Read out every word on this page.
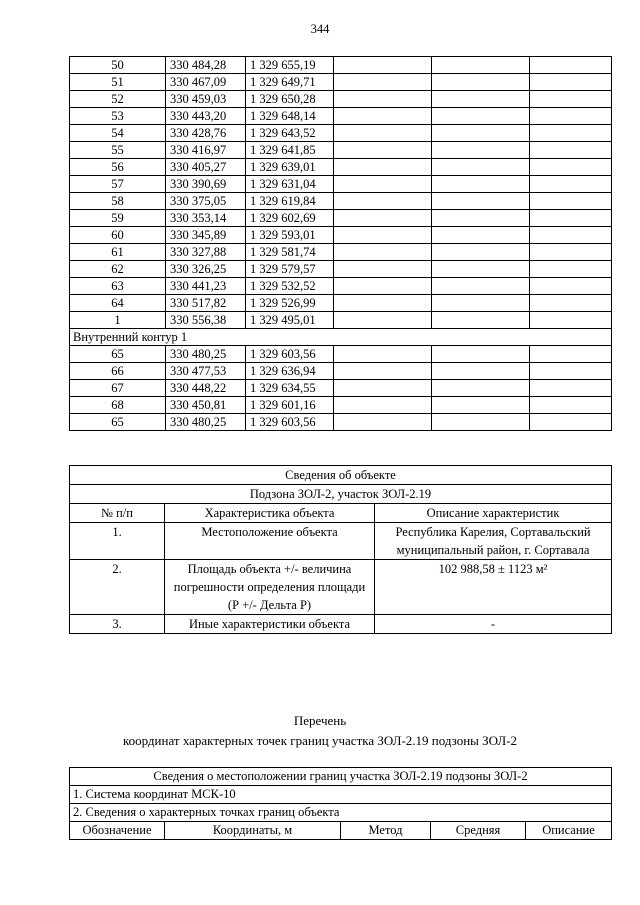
344
50	330 484,28	1 329 655,19			
51	330 467,09	1 329 649,71			
52	330 459,03	1 329 650,28			
53	330 443,20	1 329 648,14			
54	330 428,76	1 329 643,52			
55	330 416,97	1 329 641,85			
56	330 405,27	1 329 639,01			
57	330 390,69	1 329 631,04			
58	330 375,05	1 329 619,84			
59	330 353,14	1 329 602,69			
60	330 345,89	1 329 593,01			
61	330 327,88	1 329 581,74			
62	330 326,25	1 329 579,57			
63	330 441,23	1 329 532,52			
64	330 517,82	1 329 526,99			
1	330 556,38	1 329 495,01			
Внутренний контур 1					
65	330 480,25	1 329 603,56			
66	330 477,53	1 329 636,94			
67	330 448,22	1 329 634,55			
68	330 450,81	1 329 601,16			
65	330 480,25	1 329 603,56			
Сведения об объекте		
Подзона ЗОЛ-2, участок ЗОЛ-2.19		
№ п/п	Характеристика объекта	Описание характеристик
1.	Местоположение объекта	Республика Карелия, Сортавальский муниципальный район, г. Сортавала
2.	Площадь объекта +/- величина погрешности определения площади (Р +/- Дельта Р)	102 988,58 ± 1123 м²
3.	Иные характеристики объекта	-
Перечень
координат характерных точек границ участка ЗОЛ-2.19 подзоны ЗОЛ-2
Сведения о местоположении границ участка ЗОЛ-2.19 подзоны ЗОЛ-2
1. Система координат МСК-10
2. Сведения о характерных точках границ объекта
Обозначение	Координаты, м	Метод	Средняя	Описание
